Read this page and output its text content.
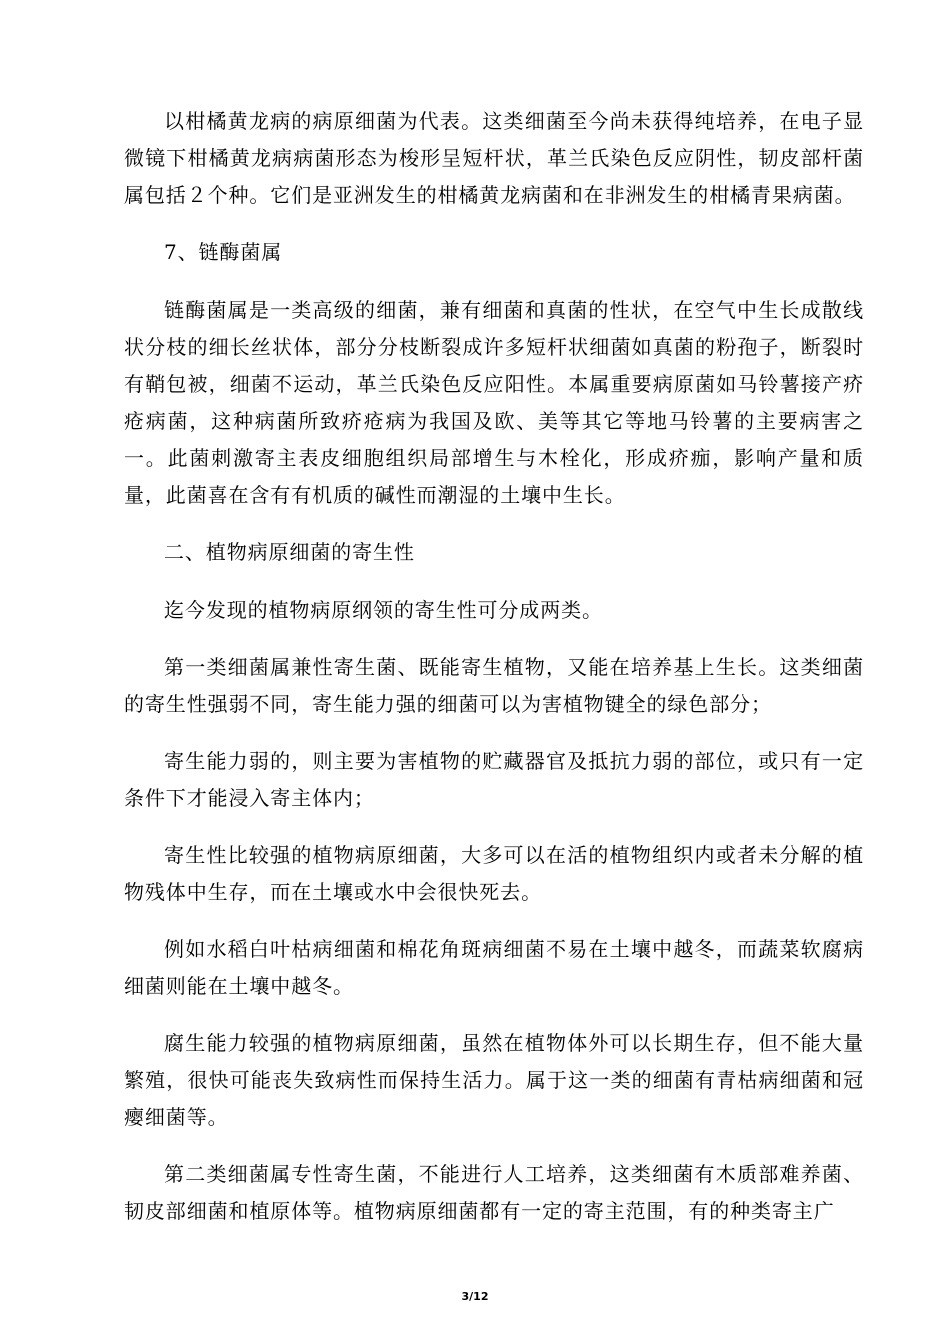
以柑橘黄龙病的病原细菌为代表。这类细菌至今尚未获得纯培养，在电子显微镜下柑橘黄龙病病菌形态为梭形呈短杆状，革兰氏染色反应阴性，韧皮部杆菌属包括２个种。它们是亚洲发生的柑橘黄龙病菌和在非洲发生的柑橘青果病菌。

7、链酶菌属

链酶菌属是一类高级的细菌，兼有细菌和真菌的性状，在空气中生长成散线状分枝的细长丝状体，部分分枝断裂成许多短杆状细菌如真菌的粉孢子，断裂时有鞘包被，细菌不运动，革兰氏染色反应阳性。本属重要病原菌如马铃薯接产疥疮病菌，这种病菌所致疥疮病为我国及欧、美等其它等地马铃薯的主要病害之一。此菌刺激寄主表皮细胞组织局部增生与木栓化，形成疥痂，影响产量和质量，此菌喜在含有有机质的碱性而潮湿的土壤中生长。

二、植物病原细菌的寄生性

迄今发现的植物病原纲领的寄生性可分成两类。

第一类细菌属兼性寄生菌、既能寄生植物，又能在培养基上生长。这类细菌的寄生性强弱不同，寄生能力强的细菌可以为害植物键全的绿色部分；

寄生能力弱的，则主要为害植物的贮藏器官及抵抗力弱的部位，或只有一定条件下才能浸入寄主体内；

寄生性比较强的植物病原细菌，大多可以在活的植物组织内或者未分解的植物残体中生存，而在土壤或水中会很快死去。

例如水稻白叶枯病细菌和棉花角斑病细菌不易在土壤中越冬，而蔬菜软腐病细菌则能在土壤中越冬。

腐生能力较强的植物病原细菌，虽然在植物体外可以长期生存，但不能大量繁殖，很快可能丧失致病性而保持生活力。属于这一类的细菌有青枯病细菌和冠瘿细菌等。

第二类细菌属专性寄生菌，不能进行人工培养，这类细菌有木质部难养菌、韧皮部细菌和植原体等。植物病原细菌都有一定的寄主范围，有的种类寄主广

3/12
